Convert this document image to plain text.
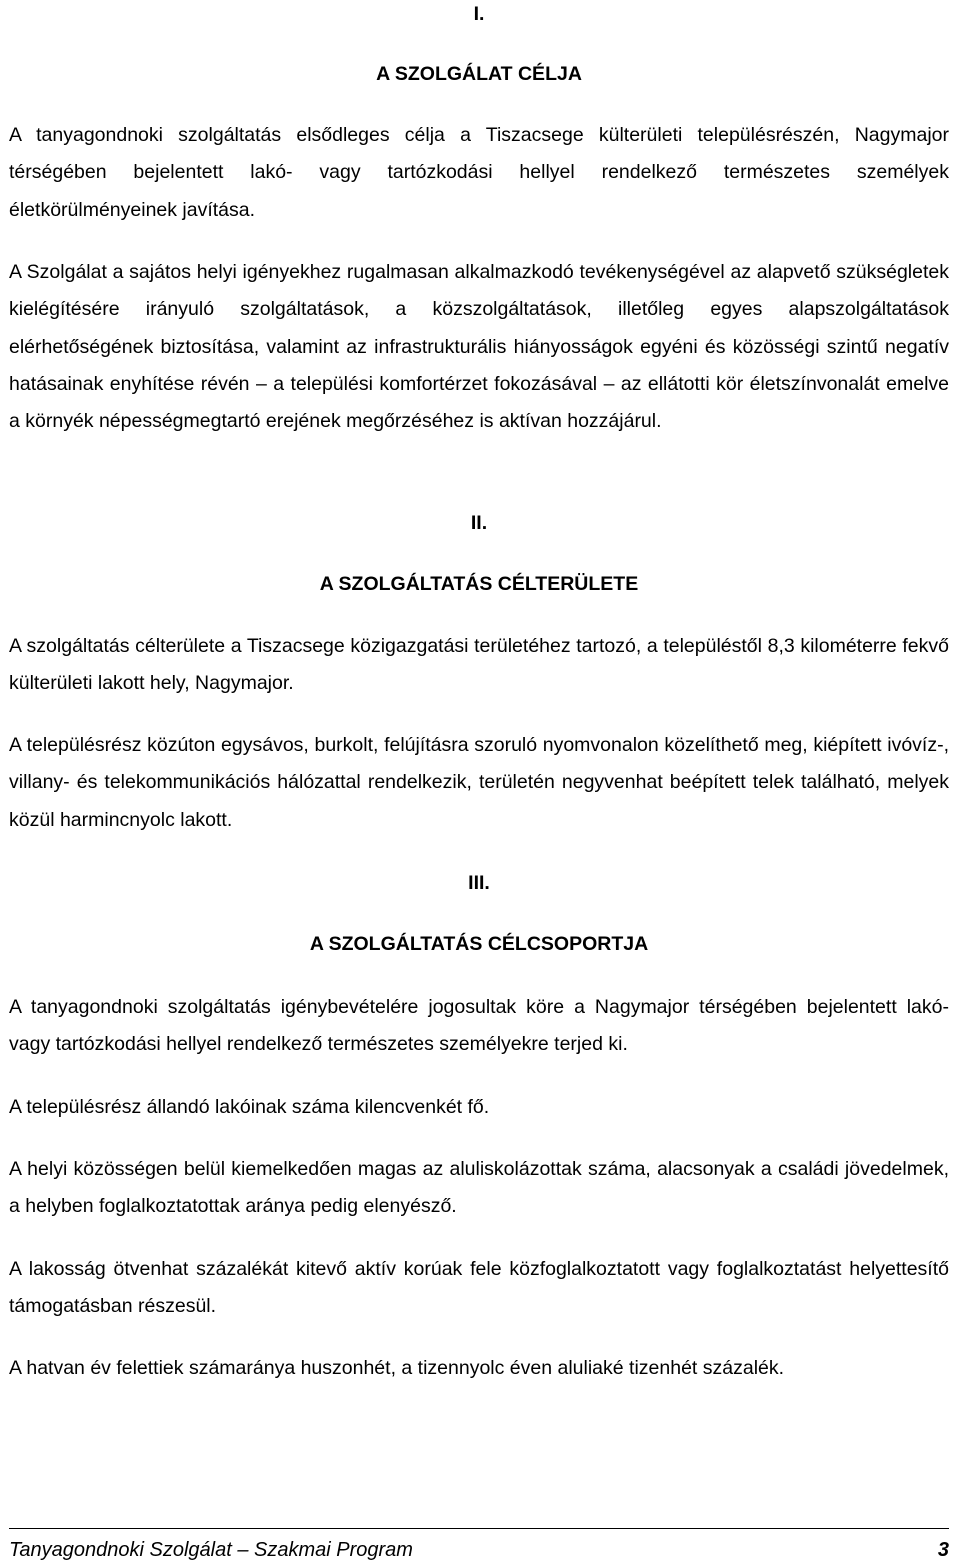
I.
A SZOLGÁLAT CÉLJA

A tanyagondnoki szolgáltatás elsődleges célja a Tiszacsege külterületi településrészén, Nagymajor térségében bejelentett lakó- vagy tartózkodási hellyel rendelkező természetes személyek életkörülményeinek javítása.

A Szolgálat a sajátos helyi igényekhez rugalmasan alkalmazkodó tevékenységével az alapvető szükségletek kielégítésére irányuló szolgáltatások, a közszolgáltatások, illetőleg egyes alapszolgáltatások elérhetőségének biztosítása, valamint az infrastrukturális hiányosságok egyéni és közösségi szintű negatív hatásainak enyhítése révén – a települési komfortérzet fokozásával – az ellátotti kör életszínvonalát emelve a környék népességmegtartó erejének megőrzéséhez is aktívan hozzájárul.

II.
A SZOLGÁLTATÁS CÉLTERÜLETE

A szolgáltatás célterülete a Tiszacsege közigazgatási területéhez tartozó, a településtől 8,3 kilométerre fekvő külterületi lakott hely, Nagymajor.

A településrész közúton egysávos, burkolt, felújításra szoruló nyomvonalon közelíthető meg, kiépített ivóvíz-, villany- és telekommunikációs hálózattal rendelkezik, területén negyvenhat beépített telek található, melyek közül harmincnyolc lakott.

III.
A SZOLGÁLTATÁS CÉLCSOPORTJA

A tanyagondnoki szolgáltatás igénybevételére jogosultak köre a Nagymajor térségében bejelentett lakó- vagy tartózkodási hellyel rendelkező természetes személyekre terjed ki.

A településrész állandó lakóinak száma kilencvenkét fő.

A helyi közösségen belül kiemelkedően magas az aluliskolázottak száma, alacsonyak a családi jövedelmek, a helyben foglalkoztatottak aránya pedig elenyésző.

A lakosság ötvenhat százalékát kitevő aktív korúak fele közfoglalkoztatott vagy foglalkoztatást helyettesítő támogatásban részesül.

A hatvan év felettiek számaránya huszonhét, a tizennyolc éven aluliaké tizenhét százalék.

Tanyagondnoki Szolgálat – Szakmai Program	3
